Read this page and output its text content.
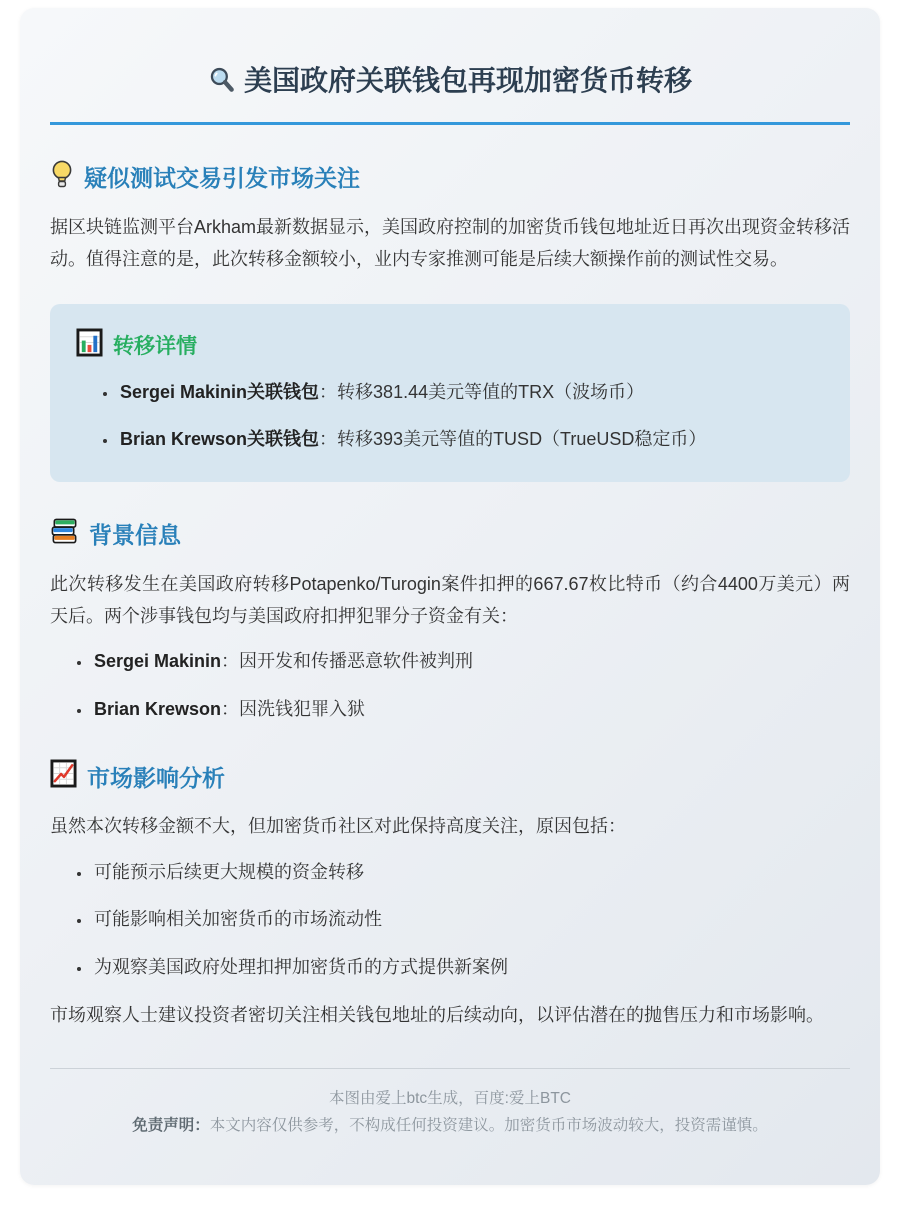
美国政府关联钱包再现加密货币转移
疑似测试交易引发市场关注

据区块链监测平台Arkham最新数据显示，美国政府控制的加密货币钱包地址近日再次出现资金转移活动。值得注意的是，此次转移金额较小，业内专家推测可能是后续大额操作前的测试性交易。

转移详情
• Sergei Makinin关联钱包：转移381.44美元等值的TRX（波场币）
• Brian Krewson关联钱包：转移393美元等值的TUSD（TrueUSD稳定币）
背景信息

此次转移发生在美国政府转移Potapenko/Turogin案件扣押的667.67枚比特币（约合4400万美元）两天后。两个涉事钱包均与美国政府扣押犯罪分子资金有关：

• Sergei Makinin：因开发和传播恶意软件被判刑
• Brian Krewson：因洗钱犯罪入狱
市场影响分析

虽然本次转移金额不大，但加密货币社区对此保持高度关注，原因包括：

• 可能预示后续更大规模的资金转移
• 可能影响相关加密货币的市场流动性
• 为观察美国政府处理扣押加密货币的方式提供新案例

市场观察人士建议投资者密切关注相关钱包地址的后续动向，以评估潜在的抛售压力和市场影响。

本图由爱上btc生成，百度:爱上BTC
免责声明：本文内容仅供参考，不构成任何投资建议。加密货币市场波动较大，投资需谨慎。
